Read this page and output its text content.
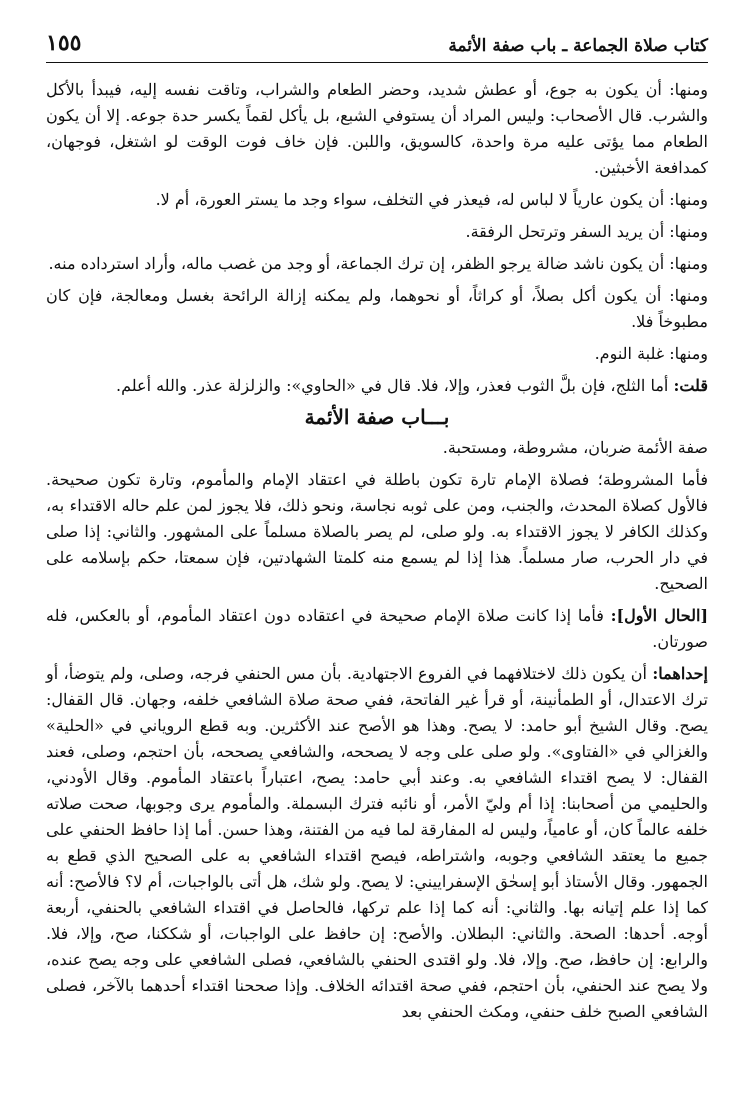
كتاب صلاة الجماعة ـ باب صفة الأئمة
١٥٥

ومنها: أن يكون به جوع، أو عطش شديد، وحضر الطعام والشراب، وتاقت نفسه إليه، فيبدأ بالأكل والشرب. قال الأصحاب: وليس المراد أن يستوفي الشبع، بل يأكل لقماً يكسر حدة جوعه. إلا أن يكون الطعام مما يؤتى عليه مرة واحدة، كالسويق، واللبن. فإن خاف فوت الوقت لو اشتغل، فوجهان، كمدافعة الأخبثين.

ومنها: أن يكون عارياً لا لباس له، فيعذر في التخلف، سواء وجد ما يستر العورة، أم لا.

ومنها: أن يريد السفر وترتحل الرفقة.

ومنها: أن يكون ناشد ضالة يرجو الظفر، إن ترك الجماعة، أو وجد من غصب ماله، وأراد استرداده منه.

ومنها: أن يكون أكل بصلاً، أو كراثاً، أو نحوهما، ولم يمكنه إزالة الرائحة بغسل ومعالجة، فإن كان مطبوخاً فلا.

ومنها: غلبة النوم.

قلت: أما الثلج، فإن بلَّ الثوب فعذر، وإلا، فلا. قال في «الحاوي»: والزلزلة عذر. والله أعلم.

بـــاب صفة الأئمة

صفة الأئمة ضربان، مشروطة، ومستحبة.

فأما المشروطة؛ فصلاة الإمام تارة تكون باطلة في اعتقاد الإمام والمأموم، وتارة تكون صحيحة. فالأول كصلاة المحدث، والجنب، ومن على ثوبه نجاسة، ونحو ذلك، فلا يجوز لمن علم حاله الاقتداء به، وكذلك الكافر لا يجوز الاقتداء به. ولو صلى، لم يصر بالصلاة مسلماً على المشهور. والثاني: إذا صلى في دار الحرب، صار مسلماً. هذا إذا لم يسمع منه كلمتا الشهادتين، فإن سمعتا، حكم بإسلامه على الصحيح.

[الحال الأول]: فأما إذا كانت صلاة الإمام صحيحة في اعتقاده دون اعتقاد المأموم، أو بالعكس، فله صورتان.

إحداهما: أن يكون ذلك لاختلافهما في الفروع الاجتهادية. بأن مس الحنفي فرجه، وصلى، ولم يتوضأ، أو ترك الاعتدال، أو الطمأنينة، أو قرأ غير الفاتحة، ففي صحة صلاة الشافعي خلفه، وجهان. قال القفال: يصح. وقال الشيخ أبو حامد: لا يصح. وهذا هو الأصح عند الأكثرين. وبه قطع الروياني في «الحلية» والغزالي في «الفتاوى». ولو صلى على وجه لا يصححه، والشافعي يصححه، بأن احتجم، وصلى، فعند القفال: لا يصح اقتداء الشافعي به. وعند أبي حامد: يصح، اعتباراً باعتقاد المأموم. وقال الأودني، والحليمي من أصحابنا: إذا أم وليّ الأمر، أو نائبه فترك البسملة. والمأموم يرى وجوبها، صحت صلاته خلفه عالماً كان، أو عامياً، وليس له المفارقة لما فيه من الفتنة، وهذا حسن. أما إذا حافظ الحنفي على جميع ما يعتقد الشافعي وجوبه، واشتراطه، فيصح اقتداء الشافعي به على الصحيح الذي قطع به الجمهور. وقال الأستاذ أبو إسحٰق الإسفراييني: لا يصح. ولو شك، هل أتى بالواجبات، أم لا؟ فالأصح: أنه كما إذا علم إتيانه بها. والثاني: أنه كما إذا علم تركها، فالحاصل في اقتداء الشافعي بالحنفي، أربعة أوجه. أحدها: الصحة. والثاني: البطلان. والأصح: إن حافظ على الواجبات، أو شككنا، صح، وإلا، فلا. والرابع: إن حافظ، صح. وإلا، فلا. ولو اقتدى الحنفي بالشافعي، فصلى الشافعي على وجه يصح عنده، ولا يصح عند الحنفي، بأن احتجم، ففي صحة اقتدائه الخلاف. وإذا صححنا اقتداء أحدهما بالآخر، فصلى الشافعي الصبح خلف حنفي، ومكث الحنفي بعد
